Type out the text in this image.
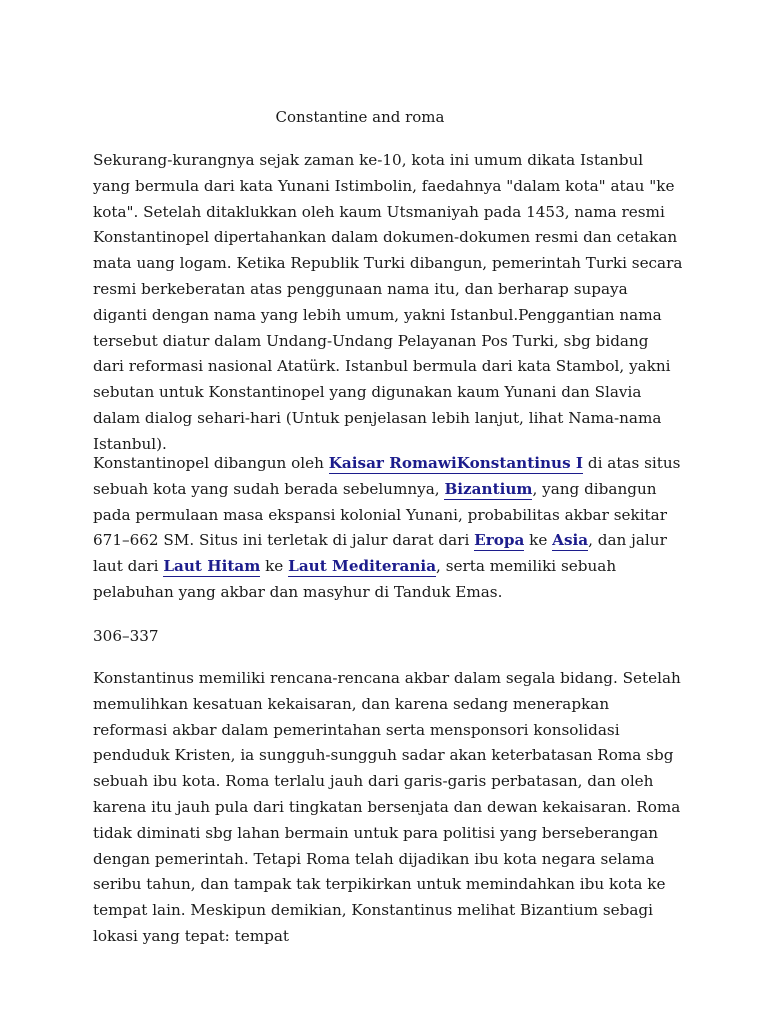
Constantine and roma

Sekurang-kurangnya sejak zaman ke-10, kota ini umum dikata Istanbul yang bermula dari kata Yunani Istimbolin, faedahnya "dalam kota" atau "ke kota". Setelah ditaklukkan oleh kaum Utsmaniyah pada 1453, nama resmi Konstantinopel dipertahankan dalam dokumen-dokumen resmi dan cetakan mata uang logam. Ketika Republik Turki dibangun, pemerintah Turki secara resmi berkeberatan atas penggunaan nama itu, dan berharap supaya diganti dengan nama yang lebih umum, yakni Istanbul.Penggantian nama tersebut diatur dalam Undang-Undang Pelayanan Pos Turki, sbg bidang dari reformasi nasional Atatürk. Istanbul bermula dari kata Stambol, yakni sebutan untuk Konstantinopel yang digunakan kaum Yunani dan Slavia dalam dialog sehari-hari (Untuk penjelasan lebih lanjut, lihat Nama-nama Istanbul).

Konstantinopel dibangun oleh Kaisar RomawiKonstantinus I di atas situs sebuah kota yang sudah berada sebelumnya, Bizantium, yang dibangun pada permulaan masa ekspansi kolonial Yunani, probabilitas akbar sekitar 671–662 SM. Situs ini terletak di jalur darat dari Eropa ke Asia, dan jalur laut dari Laut Hitam ke Laut Mediterania, serta memiliki sebuah pelabuhan yang akbar dan masyhur di Tanduk Emas.

306–337

Konstantinus memiliki rencana-rencana akbar dalam segala bidang. Setelah memulihkan kesatuan kekaisaran, dan karena sedang menerapkan reformasi akbar dalam pemerintahan serta mensponsori konsolidasi penduduk Kristen, ia sungguh-sungguh sadar akan keterbatasan Roma sbg sebuah ibu kota. Roma terlalu jauh dari garis-garis perbatasan, dan oleh karena itu jauh pula dari tingkatan bersenjata dan dewan kekaisaran. Roma tidak diminati sbg lahan bermain untuk para politisi yang berseberangan dengan pemerintah. Tetapi Roma telah dijadikan ibu kota negara selama seribu tahun, dan tampak tak terpikirkan untuk memindahkan ibu kota ke tempat lain. Meskipun demikian, Konstantinus melihat Bizantium sebagi lokasi yang tepat: tempat
